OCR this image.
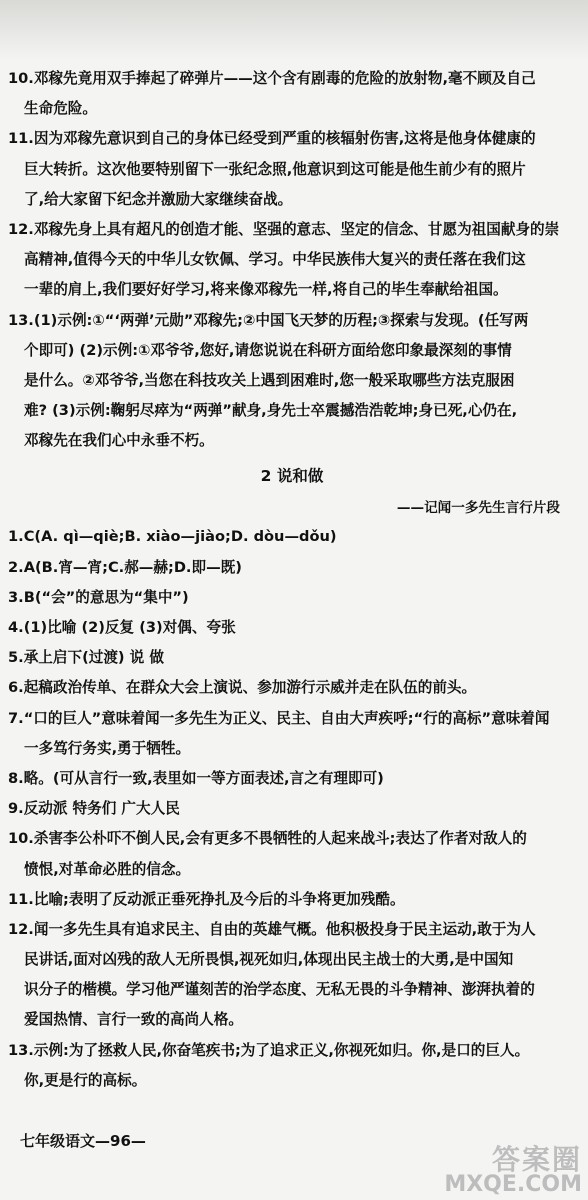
10.邓稼先竟用双手捧起了碎弹片——这个含有剧毒的危险的放射物,毫不顾及自己
生命危险。
11.因为邓稼先意识到自己的身体已经受到严重的核辐射伤害,这将是他身体健康的
巨大转折。这次他要特别留下一张纪念照,他意识到这可能是他生前少有的照片
了,给大家留下纪念并激励大家继续奋战。
12.邓稼先身上具有超凡的创造才能、坚强的意志、坚定的信念、甘愿为祖国献身的崇
高精神,值得今天的中华儿女钦佩、学习。中华民族伟大复兴的责任落在我们这
一辈的肩上,我们要好好学习,将来像邓稼先一样,将自己的毕生奉献给祖国。
13.(1)示例:①“‘两弹’元勋”邓稼先;②中国飞天梦的历程;③探索与发现。(任写两
个即可) (2)示例:①邓爷爷,您好,请您说说在科研方面给您印象最深刻的事情
是什么。②邓爷爷,当您在科技攻关上遇到困难时,您一般采取哪些方法克服困
难? (3)示例:鞠躬尽瘁为“两弹”献身,身先士卒震撼浩浩乾坤;身已死,心仍在,
邓稼先在我们心中永垂不朽。
2 说和做
——记闻一多先生言行片段
1.C(A. qì—qiè;B. xiào—jiào;D. dòu—dǒu)
2.A(B.宵—宵;C.郝—赫;D.即—既)
3.B(“会”的意思为“集中”)
4.(1)比喻 (2)反复 (3)对偶、夸张
5.承上启下(过渡) 说 做
6.起稿政治传单、在群众大会上演说、参加游行示威并走在队伍的前头。
7.“口的巨人”意味着闻一多先生为正义、民主、自由大声疾呼;“行的高标”意味着闻
一多笃行务实,勇于牺牲。
8.略。(可从言行一致,表里如一等方面表述,言之有理即可)
9.反动派 特务们 广大人民
10.杀害李公朴吓不倒人民,会有更多不畏牺牲的人起来战斗;表达了作者对敌人的
愤恨,对革命必胜的信念。
11.比喻;表明了反动派正垂死挣扎及今后的斗争将更加残酷。
12.闻一多先生具有追求民主、自由的英雄气概。他积极投身于民主运动,敢于为人
民讲话,面对凶残的敌人无所畏惧,视死如归,体现出民主战士的大勇,是中国知
识分子的楷模。学习他严谨刻苦的治学态度、无私无畏的斗争精神、澎湃执着的
爱国热情、言行一致的高尚人格。
13.示例:为了拯救人民,你奋笔疾书;为了追求正义,你视死如归。你,是口的巨人。
你,更是行的高标。
七年级语文—96—
答案圈
MXQE.COM
